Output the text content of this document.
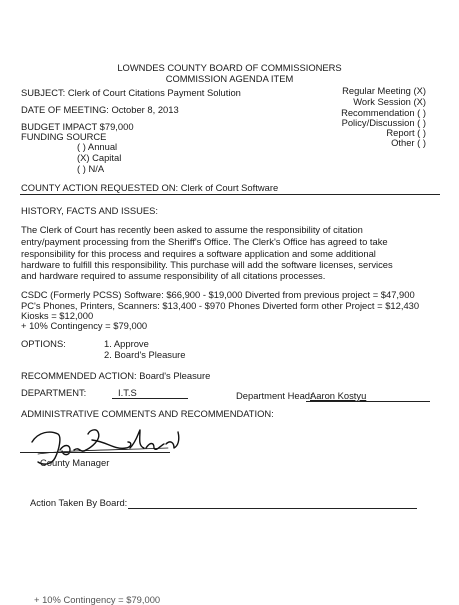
LOWNDES COUNTY BOARD OF COMMISSIONERS
COMMISSION AGENDA ITEM
SUBJECT: Clerk of Court Citations Payment Solution
DATE OF MEETING: October 8, 2013
BUDGET IMPACT $79,000
FUNDING SOURCE
( ) Annual
(X) Capital
( ) N/A
Regular Meeting (X)
Work Session (X)
Recommendation ( )
Policy/Discussion ( )
Report ( )
Other ( )
COUNTY ACTION REQUESTED ON: Clerk of Court Software
HISTORY, FACTS AND ISSUES:
The Clerk of Court has recently been asked to assume the responsibility of citation
entry/payment processing from the Sheriff's Office. The Clerk's Office has agreed to take
responsibility for this process and requires a software application and some additional
hardware to fulfill this responsibility. This purchase will add the software licenses, services
and hardware required to assume responsibility of all citations processes.
CSDC (Formerly PCSS) Software: $66,900 - $19,000 Diverted from previous project = $47,900
PC's Phones, Printers, Scanners: $13,400 - $970 Phones Diverted form other Project = $12,430
Kiosks = $12,000
+ 10% Contingency = $79,000
OPTIONS:	1. Approve
2. Board's Pleasure
RECOMMENDED ACTION: Board's Pleasure
DEPARTMENT:	I.T.S	Department Head:
Aaron Kostyu
ADMINISTRATIVE COMMENTS AND RECOMMENDATION:
County Manager
Action Taken By Board:
+ 10% Contingency = $79,000
